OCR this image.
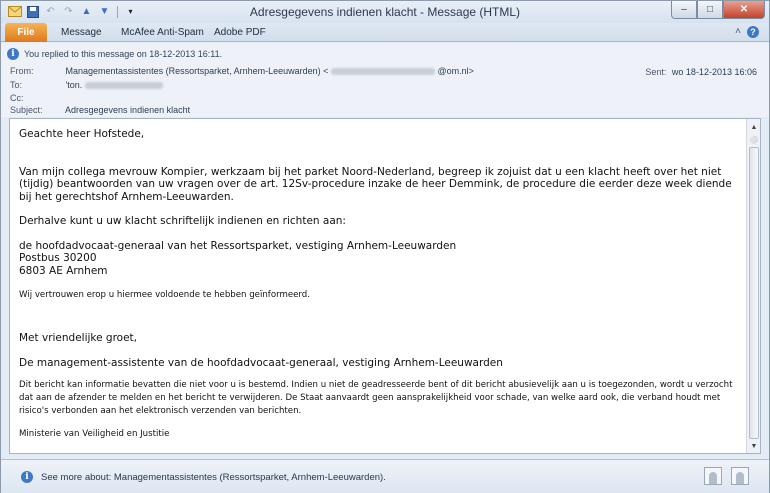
↶ ↷ ▲ ▼	▾	Adresgegevens indienen klacht - Message (HTML)	–	□	✕
File	Message	McAfee Anti-Spam	Adobe PDF	˄	?
i	You replied to this message on 18-12-2013 16:11.
From:	Managementassistentes (Ressortsparket, Arnhem-Leeuwarden) <	@om.nl>
To:	'ton.
Cc:
Subject: Adresgegevens indienen klacht
Sent: wo 18-12-2013 16:06

Geachte heer Hofstede,

Van mijn collega mevrouw Kompier, werkzaam bij het parket Noord-Nederland, begreep ik zojuist dat u een klacht heeft over het niet (tijdig) beantwoorden van uw vragen over de art. 12Sv-procedure inzake de heer Demmink, de procedure die eerder deze week diende bij het gerechtshof Arnhem-Leeuwarden.

Derhalve kunt u uw klacht schriftelijk indienen en richten aan:

de hoofdadvocaat-generaal van het Ressortsparket, vestiging Arnhem-Leeuwarden

Postbus 30200

6803 AE Arnhem

Wij vertrouwen erop u hiermee voldoende te hebben geïnformeerd.

Met vriendelijke groet,

De management-assistente van de hoofdadvocaat-generaal, vestiging Arnhem-Leeuwarden

Dit bericht kan informatie bevatten die niet voor u is bestemd. Indien u niet de geadresseerde bent of dit bericht abusievelijk aan u is toegezonden, wordt u verzocht dat aan de afzender te melden en het bericht te verwijderen. De Staat aanvaardt geen aansprakelijkheid voor schade, van welke aard ook, die verband houdt met risico's verbonden aan het elektronisch verzenden van berichten.

Ministerie van Veiligheid en Justitie

▲
⚪
▼
i	See more about: Managementassistentes (Ressortsparket, Arnhem-Leeuwarden).
